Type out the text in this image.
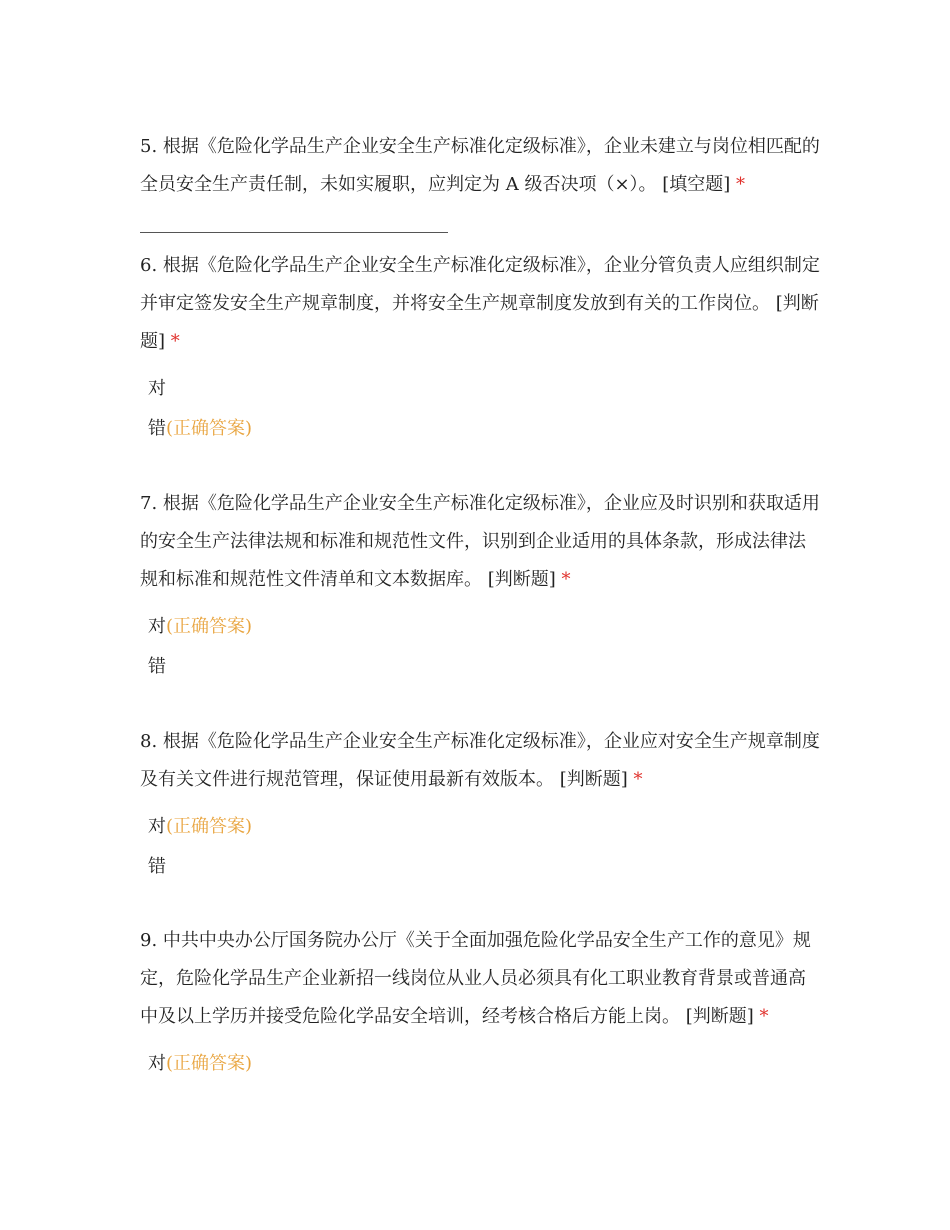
5. 根据《危险化学品生产企业安全生产标准化定级标准》，企业未建立与岗位相匹配的全员安全生产责任制，未如实履职，应判定为 A 级否决项（×）。 [填空题] *

6. 根据《危险化学品生产企业安全生产标准化定级标准》，企业分管负责人应组织制定并审定签发安全生产规章制度，并将安全生产规章制度发放到有关的工作岗位。 [判断题] *

对
错(正确答案)

7. 根据《危险化学品生产企业安全生产标准化定级标准》，企业应及时识别和获取适用的安全生产法律法规和标准和规范性文件，识别到企业适用的具体条款，形成法律法规和标准和规范性文件清单和文本数据库。 [判断题] *

对(正确答案)
错

8. 根据《危险化学品生产企业安全生产标准化定级标准》，企业应对安全生产规章制度及有关文件进行规范管理，保证使用最新有效版本。 [判断题] *

对(正确答案)
错

9. 中共中央办公厅国务院办公厅《关于全面加强危险化学品安全生产工作的意见》规定，危险化学品生产企业新招一线岗位从业人员必须具有化工职业教育背景或普通高中及以上学历并接受危险化学品安全培训，经考核合格后方能上岗。 [判断题] *

对(正确答案)
